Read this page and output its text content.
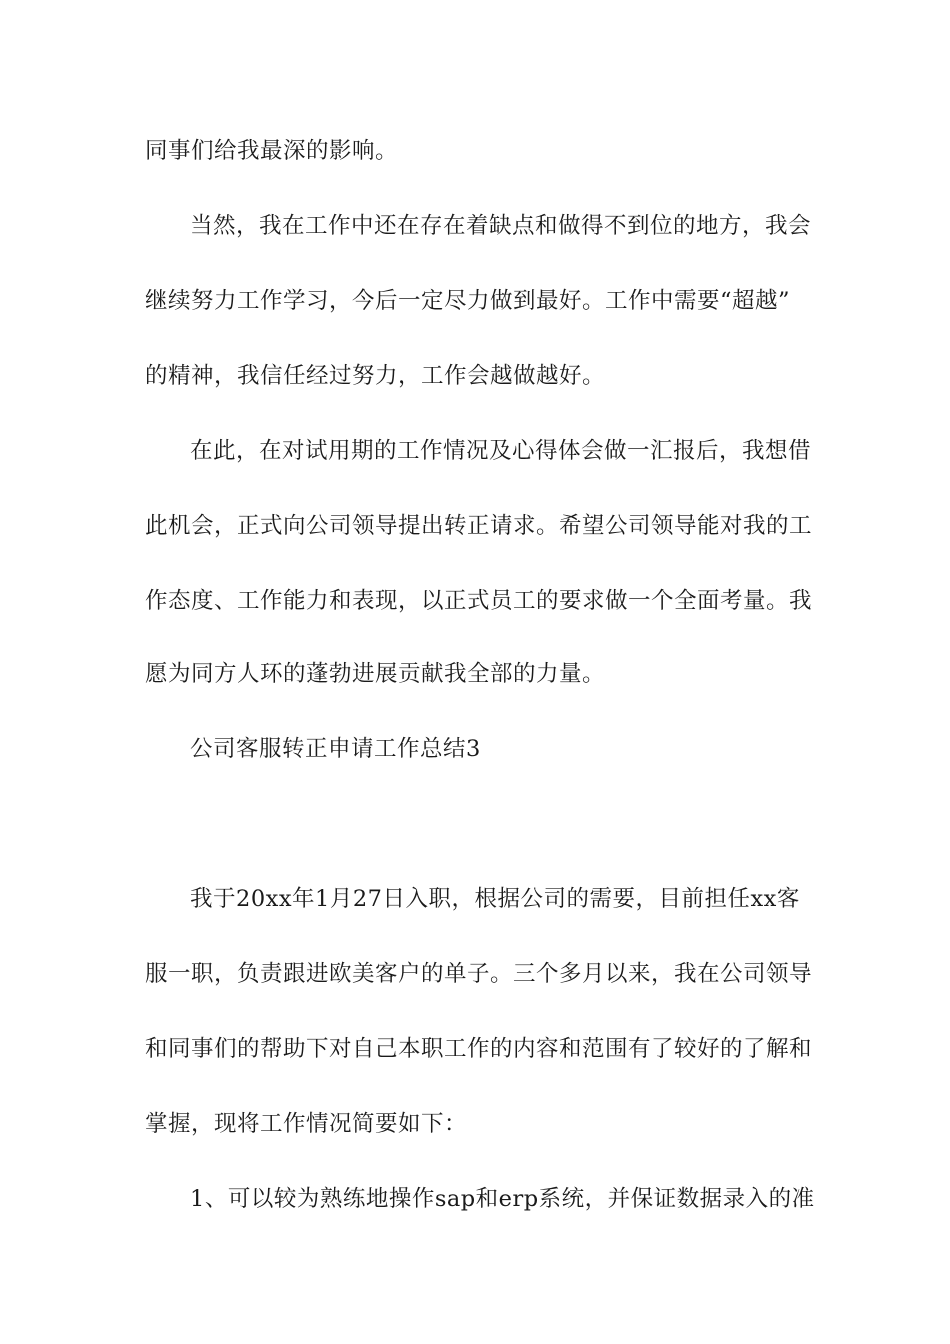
同事们给我最深的影响。
当然，我在工作中还在存在着缺点和做得不到位的地方，我会
继续努力工作学习，今后一定尽力做到最好。工作中需要“超越”
的精神，我信任经过努力，工作会越做越好。
在此，在对试用期的工作情况及心得体会做一汇报后，我想借
此机会，正式向公司领导提出转正请求。希望公司领导能对我的工
作态度、工作能力和表现，以正式员工的要求做一个全面考量。我
愿为同方人环的蓬勃进展贡献我全部的力量。
公司客服转正申请工作总结3
我于20xx年1月27日入职，根据公司的需要，目前担任xx客
服一职，负责跟进欧美客户的单子。三个多月以来，我在公司领导
和同事们的帮助下对自己本职工作的内容和范围有了较好的了解和
掌握，现将工作情况简要如下：
1、可以较为熟练地操作sap和erp系统，并保证数据录入的准
